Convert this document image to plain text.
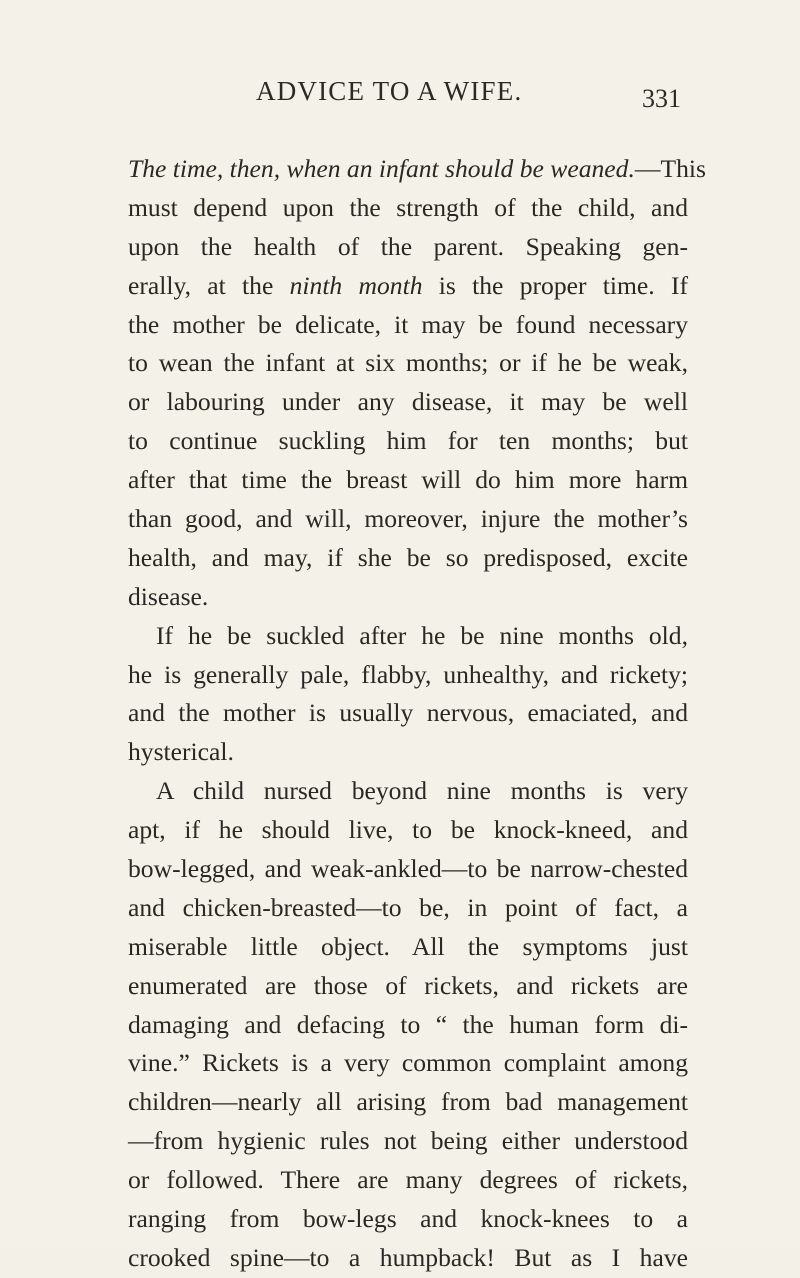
ADVICE TO A WIFE.	331
The time, then, when an infant should be weaned.—This
must depend upon the strength of the child, and
upon the health of the parent. Speaking gen-
erally, at the ninth month is the proper time. If
the mother be delicate, it may be found necessary
to wean the infant at six months; or if he be weak,
or labouring under any disease, it may be well
to continue suckling him for ten months; but
after that time the breast will do him more harm
than good, and will, moreover, injure the mother’s
health, and may, if she be so predisposed, excite
disease.
If he be suckled after he be nine months old,
he is generally pale, flabby, unhealthy, and rickety;
and the mother is usually nervous, emaciated, and
hysterical.
A child nursed beyond nine months is very
apt, if he should live, to be knock-kneed, and
bow-legged, and weak-ankled—to be narrow-chested
and chicken-breasted—to be, in point of fact, a
miserable little object. All the symptoms just
enumerated are those of rickets, and rickets are
damaging and defacing to “ the human form di-
vine.” Rickets is a very common complaint among
children—nearly all arising from bad management
—from hygienic rules not being either understood
or followed. There are many degrees of rickets,
ranging from bow-legs and knock-knees to a
crooked spine—to a humpback! But as I have
